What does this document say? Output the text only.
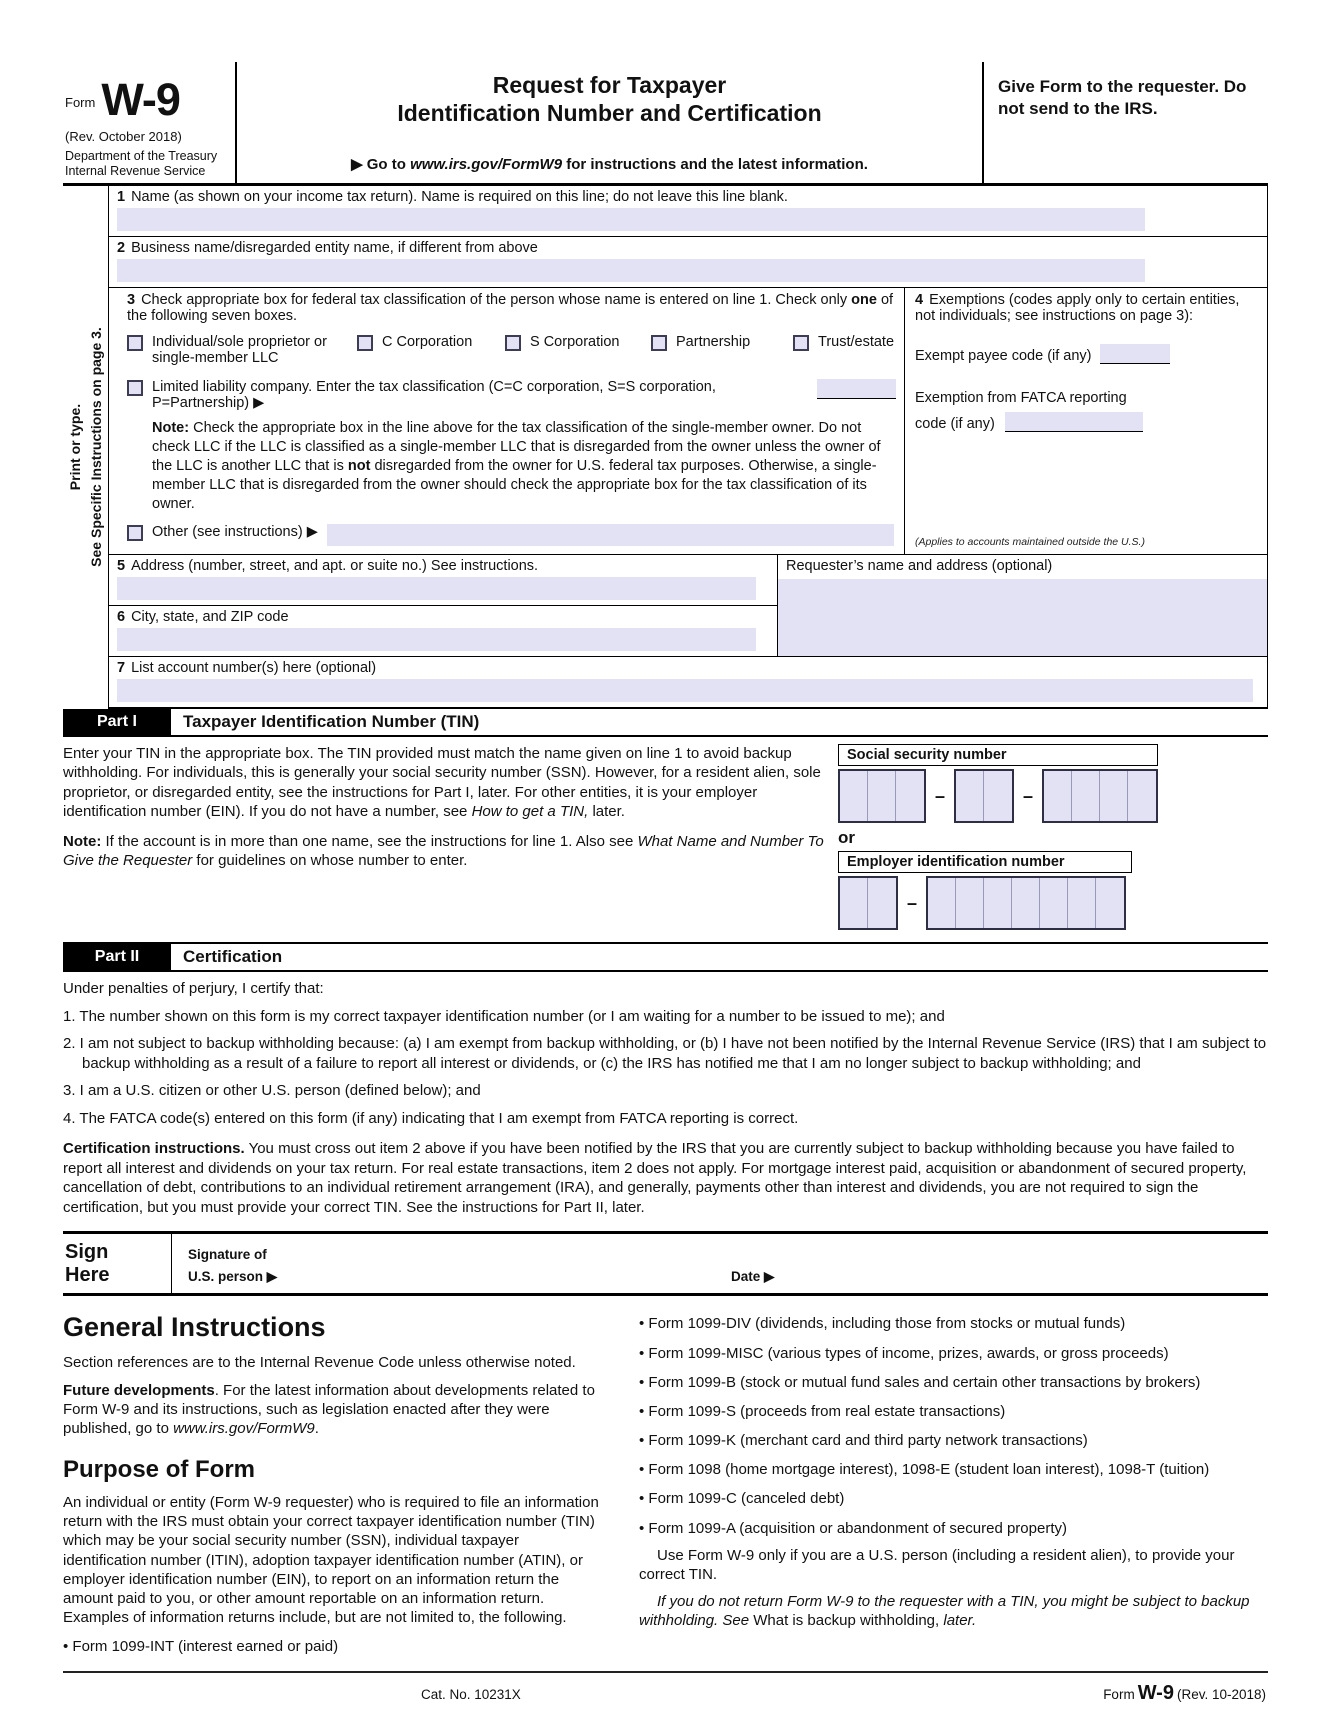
$^{Form}$ W-9
(Rev. October 2018)
Department of the Treasury
Internal Revenue Service
Request for Taxpayer
Identification Number and Certification
▶ Go to www.irs.gov/FormW9 for instructions and the latest information.
Give Form to the requester. Do not send to the IRS.
Print or type. See Specific Instructions on page 3.
1 Name (as shown on your income tax return). Name is required on this line; do not leave this line blank.
2 Business name/disregarded entity name, if different from above
3 Check appropriate box for federal tax classification of the person whose name is entered on line 1. Check only one of the following seven boxes.
Individual/sole proprietor or single-member LLC
C Corporation	S Corporation	Partnership	Trust/estate
Limited liability company. Enter the tax classification (C=C corporation, S=S corporation, P=Partnership) ▶
Note: Check the appropriate box in the line above for the tax classification of the single-member owner. Do not check LLC if the LLC is classified as a single-member LLC that is disregarded from the owner unless the owner of the LLC is another LLC that is not disregarded from the owner for U.S. federal tax purposes. Otherwise, a single-member LLC that is disregarded from the owner should check the appropriate box for the tax classification of its owner.
Other (see instructions) ▶
4 Exemptions (codes apply only to certain entities, not individuals; see instructions on page 3):
Exempt payee code (if any)
Exemption from FATCA reporting
code (if any)
(Applies to accounts maintained outside the U.S.)
5 Address (number, street, and apt. or suite no.) See instructions.
6 City, state, and ZIP code
Requester’s name and address (optional)
7 List account number(s) here (optional)
Part I	Taxpayer Identification Number (TIN)

Enter your TIN in the appropriate box. The TIN provided must match the name given on line 1 to avoid backup withholding. For individuals, this is generally your social security number (SSN). However, for a resident alien, sole proprietor, or disregarded entity, see the instructions for Part I, later. For other entities, it is your employer identification number (EIN). If you do not have a number, see How to get a TIN, later.

Note: If the account is in more than one name, see the instructions for line 1. Also see What Name and Number To Give the Requester for guidelines on whose number to enter.

Social security number
–	–
or
Employer identification number
–
Part II	Certification
Under penalties of perjury, I certify that:
1. The number shown on this form is my correct taxpayer identification number (or I am waiting for a number to be issued to me); and
2. I am not subject to backup withholding because: (a) I am exempt from backup withholding, or (b) I have not been notified by the Internal Revenue Service (IRS) that I am subject to backup withholding as a result of a failure to report all interest or dividends, or (c) the IRS has notified me that I am no longer subject to backup withholding; and
3. I am a U.S. citizen or other U.S. person (defined below); and
4. The FATCA code(s) entered on this form (if any) indicating that I am exempt from FATCA reporting is correct.
Certification instructions. You must cross out item 2 above if you have been notified by the IRS that you are currently subject to backup withholding because you have failed to report all interest and dividends on your tax return. For real estate transactions, item 2 does not apply. For mortgage interest paid, acquisition or abandonment of secured property, cancellation of debt, contributions to an individual retirement arrangement (IRA), and generally, payments other than interest and dividends, you are not required to sign the certification, but you must provide your correct TIN. See the instructions for Part II, later.
Sign
Here
Signature of
U.S. person ▶	Date ▶
General Instructions

Section references are to the Internal Revenue Code unless otherwise noted.

Future developments. For the latest information about developments related to Form W-9 and its instructions, such as legislation enacted after they were published, go to www.irs.gov/FormW9.

Purpose of Form

An individual or entity (Form W-9 requester) who is required to file an information return with the IRS must obtain your correct taxpayer identification number (TIN) which may be your social security number (SSN), individual taxpayer identification number (ITIN), adoption taxpayer identification number (ATIN), or employer identification number (EIN), to report on an information return the amount paid to you, or other amount reportable on an information return. Examples of information returns include, but are not limited to, the following.

• Form 1099-INT (interest earned or paid)

• Form 1099-DIV (dividends, including those from stocks or mutual funds)

• Form 1099-MISC (various types of income, prizes, awards, or gross proceeds)

• Form 1099-B (stock or mutual fund sales and certain other transactions by brokers)

• Form 1099-S (proceeds from real estate transactions)

• Form 1099-K (merchant card and third party network transactions)

• Form 1098 (home mortgage interest), 1098-E (student loan interest), 1098-T (tuition)

• Form 1099-C (canceled debt)

• Form 1099-A (acquisition or abandonment of secured property)

Use Form W-9 only if you are a U.S. person (including a resident alien), to provide your correct TIN.

If you do not return Form W-9 to the requester with a TIN, you might be subject to backup withholding. See What is backup withholding, later.

Cat. No. 10231X	Form W-9 (Rev. 10-2018)
